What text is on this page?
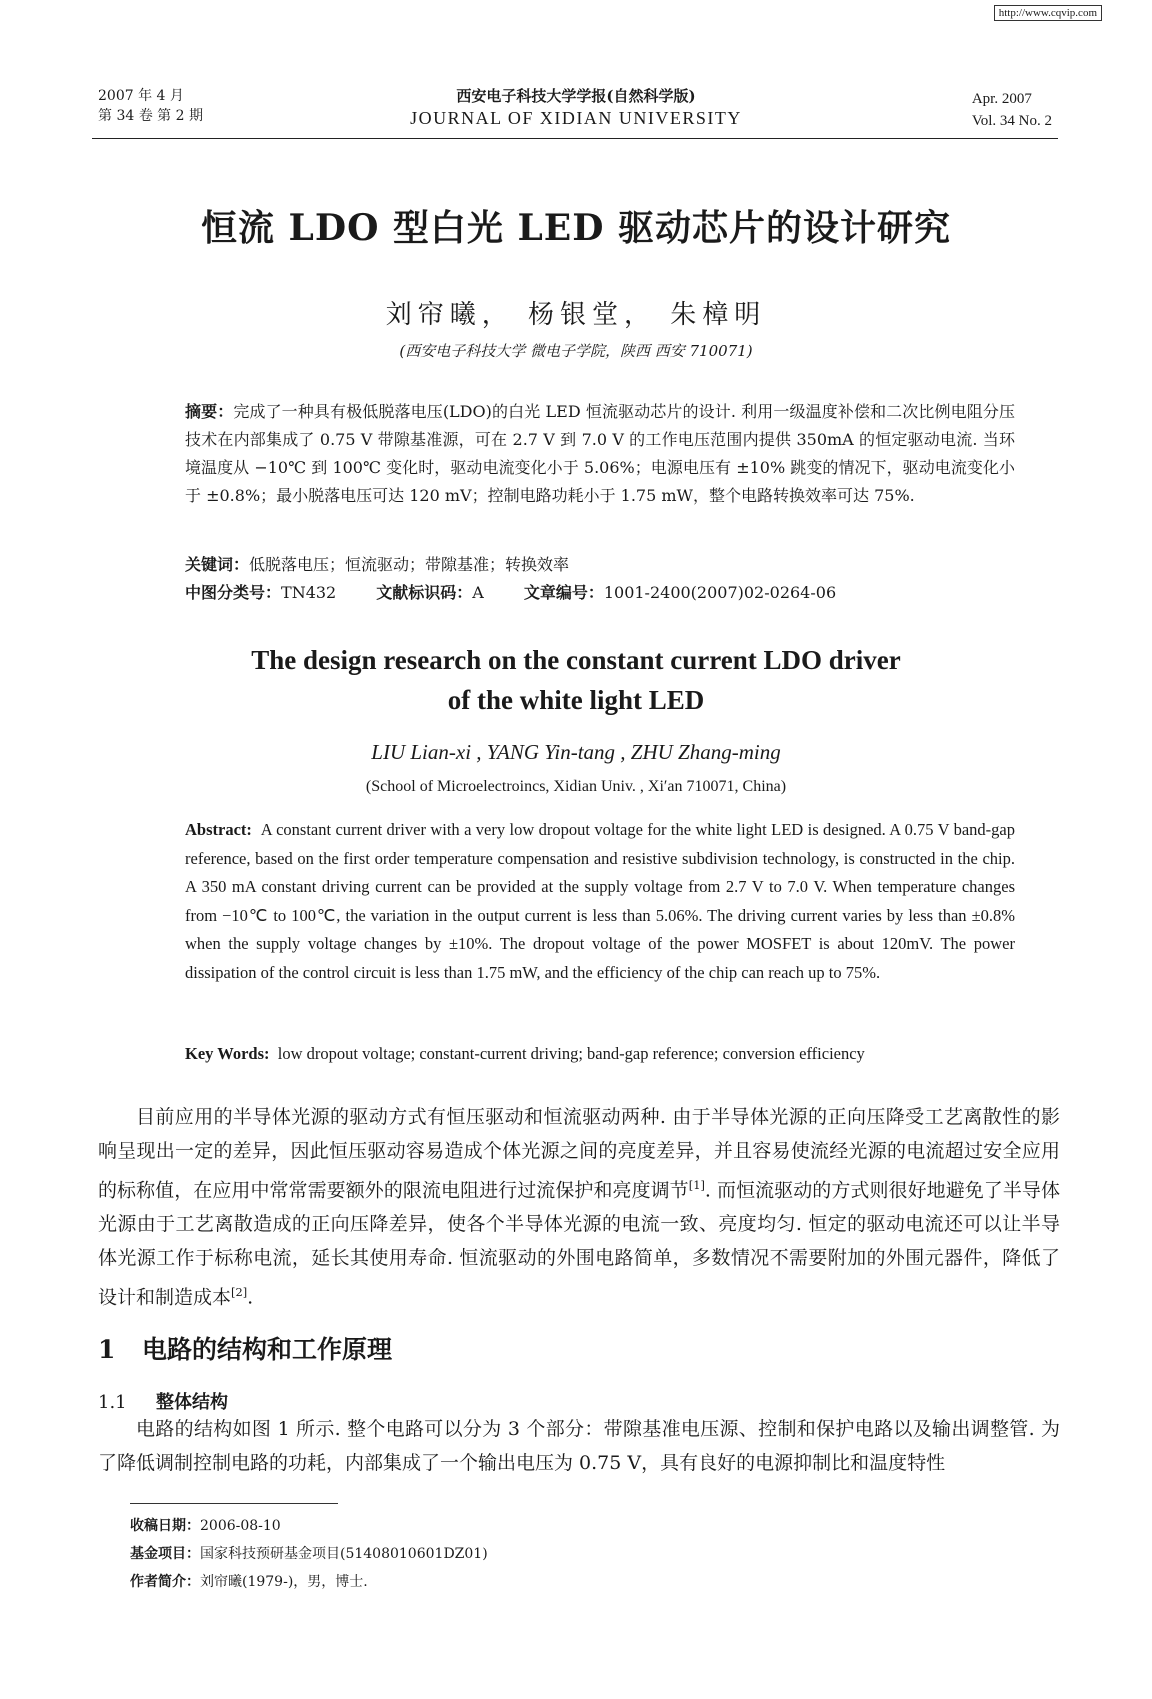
http://www.cqvip.com
2007 年 4 月
第 34 卷 第 2 期
西安电子科技大学学报(自然科学版)
JOURNAL OF XIDIAN UNIVERSITY
Apr. 2007
Vol. 34 No. 2
恒流 LDO 型白光 LED 驱动芯片的设计研究
刘帘曦， 杨银堂， 朱樟明
(西安电子科技大学 微电子学院，陕西 西安 710071)
摘要：完成了一种具有极低脱落电压(LDO)的白光 LED 恒流驱动芯片的设计. 利用一级温度补偿和二次比例电阻分压技术在内部集成了 0.75 V 带隙基准源，可在 2.7 V 到 7.0 V 的工作电压范围内提供 350mA 的恒定驱动电流. 当环境温度从 −10℃ 到 100℃ 变化时，驱动电流变化小于 5.06%；电源电压有 ±10% 跳变的情况下，驱动电流变化小于 ±0.8%；最小脱落电压可达 120 mV；控制电路功耗小于 1.75 mW，整个电路转换效率可达 75%.
关键词：低脱落电压；恒流驱动；带隙基准；转换效率
中图分类号：TN432	文献标识码：A	文章编号：1001-2400(2007)02-0264-06
The design research on the constant current LDO driver
of the white light LED
LIU Lian-xi , YANG Yin-tang , ZHU Zhang-ming
(School of Microelectroincs, Xidian Univ. , Xi′an 710071, China)
Abstract: A constant current driver with a very low dropout voltage for the white light LED is designed. A 0.75 V band-gap reference, based on the first order temperature compensation and resistive subdivision technology, is constructed in the chip. A 350 mA constant driving current can be provided at the supply voltage from 2.7 V to 7.0 V. When temperature changes from −10℃ to 100℃, the variation in the output current is less than 5.06%. The driving current varies by less than ±0.8% when the supply voltage changes by ±10%. The dropout voltage of the power MOSFET is about 120mV. The power dissipation of the control circuit is less than 1.75 mW, and the efficiency of the chip can reach up to 75%.
Key Words: low dropout voltage; constant-current driving; band-gap reference; conversion efficiency
目前应用的半导体光源的驱动方式有恒压驱动和恒流驱动两种. 由于半导体光源的正向压降受工艺离散性的影响呈现出一定的差异，因此恒压驱动容易造成个体光源之间的亮度差异，并且容易使流经光源的电流超过安全应用的标称值，在应用中常常需要额外的限流电阻进行过流保护和亮度调节[1]. 而恒流驱动的方式则很好地避免了半导体光源由于工艺离散造成的正向压降差异，使各个半导体光源的电流一致、亮度均匀. 恒定的驱动电流还可以让半导体光源工作于标称电流，延长其使用寿命. 恒流驱动的外围电路简单，多数情况不需要附加的外围元器件，降低了设计和制造成本[2].
1 电路的结构和工作原理
1.1 整体结构
电路的结构如图 1 所示. 整个电路可以分为 3 个部分：带隙基准电压源、控制和保护电路以及输出调整管. 为了降低调制控制电路的功耗，内部集成了一个输出电压为 0.75 V，具有良好的电源抑制比和温度特性
收稿日期：2006-08-10
基金项目：国家科技预研基金项目(51408010601DZ01)
作者简介：刘帘曦(1979-)，男，博士.
